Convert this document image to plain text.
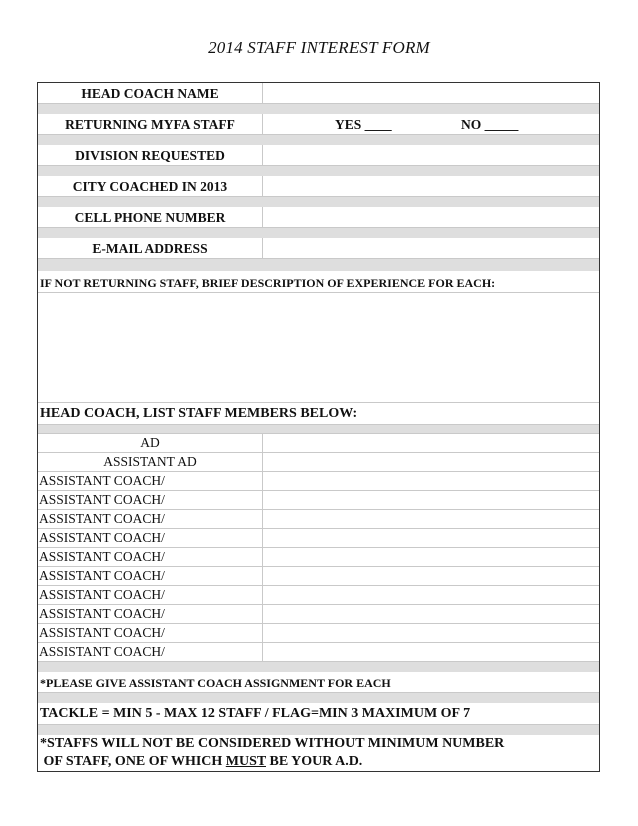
2014 STAFF INTEREST FORM
HEAD COACH NAME
RETURNING MYFA STAFF	YES ____	NO _____
DIVISION REQUESTED
CITY COACHED IN 2013
CELL PHONE NUMBER
E-MAIL ADDRESS
IF NOT RETURNING STAFF, BRIEF DESCRIPTION OF EXPERIENCE FOR EACH:
HEAD COACH, LIST STAFF MEMBERS BELOW:
AD
ASSISTANT AD
ASSISTANT COACH/
ASSISTANT COACH/
ASSISTANT COACH/
ASSISTANT COACH/
ASSISTANT COACH/
ASSISTANT COACH/
ASSISTANT COACH/
ASSISTANT COACH/
ASSISTANT COACH/
ASSISTANT COACH/
*PLEASE GIVE ASSISTANT COACH ASSIGNMENT FOR EACH
TACKLE = MIN 5 - MAX 12 STAFF / FLAG=MIN 3 MAXIMUM OF 7
*STAFFS WILL NOT BE CONSIDERED WITHOUT MINIMUM NUMBER
OF STAFF, ONE OF WHICH MUST BE YOUR A.D.
